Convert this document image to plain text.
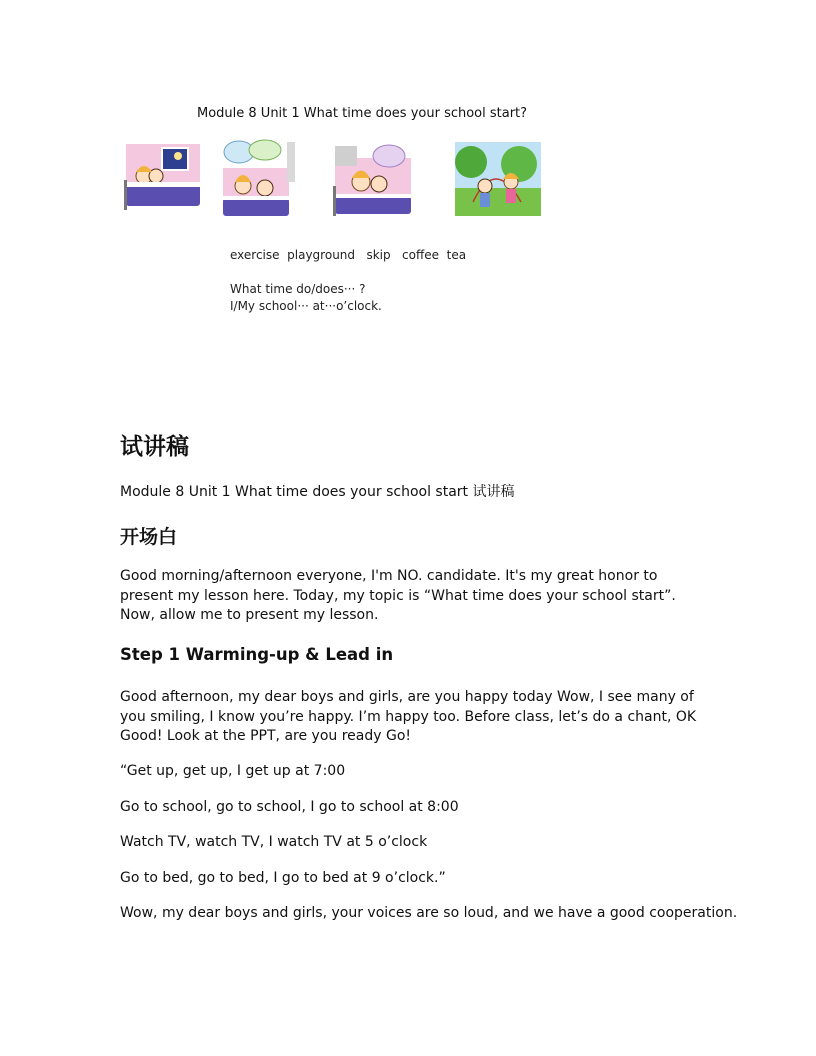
Module 8 Unit 1 What time does your school start?
exercise  playground   skip   coffee  tea
What time do/does··· ?
I/My school··· at···o’clock.
试讲稿

Module 8 Unit 1 What time does your school start 试讲稿

开场白

Good morning/afternoon everyone, I'm NO. candidate. It's my great honor to present my lesson here. Today, my topic is “What time does your school start”. Now, allow me to present my lesson.

Step 1 Warming-up & Lead in

Good afternoon, my dear boys and girls, are you happy today Wow, I see many of you smiling, I know you’re happy. I’m happy too. Before class, let’s do a chant, OK Good! Look at the PPT, are you ready Go!

“Get up, get up, I get up at 7:00

Go to school, go to school, I go to school at 8:00

Watch TV, watch TV, I watch TV at 5 o’clock

Go to bed, go to bed, I go to bed at 9 o’clock.”

Wow, my dear boys and girls, your voices are so loud, and we have a good cooperation.
